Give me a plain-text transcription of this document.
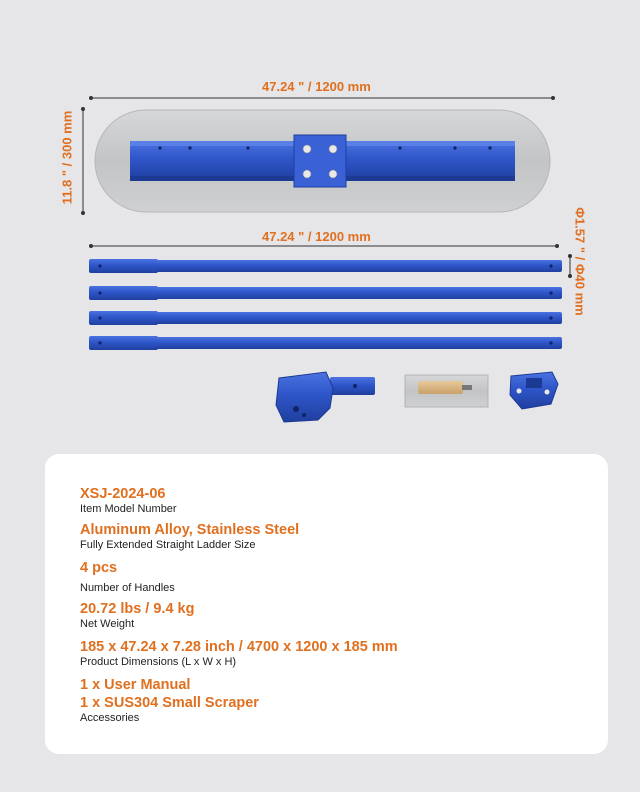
47.24 " / 1200 mm
11.8 " / 300 mm
47.24 " / 1200 mm	Φ1.57 " / Φ40 mm
XSJ-2024-06
Item Model Number
Aluminum Alloy, Stainless Steel
Fully Extended Straight Ladder Size
4 pcs
Number of Handles
20.72 lbs / 9.4 kg
Net Weight
185 x 47.24 x 7.28 inch / 4700 x 1200 x 185 mm
Product Dimensions (L x W x H)
1 x User Manual
1 x SUS304 Small Scraper
Accessories
